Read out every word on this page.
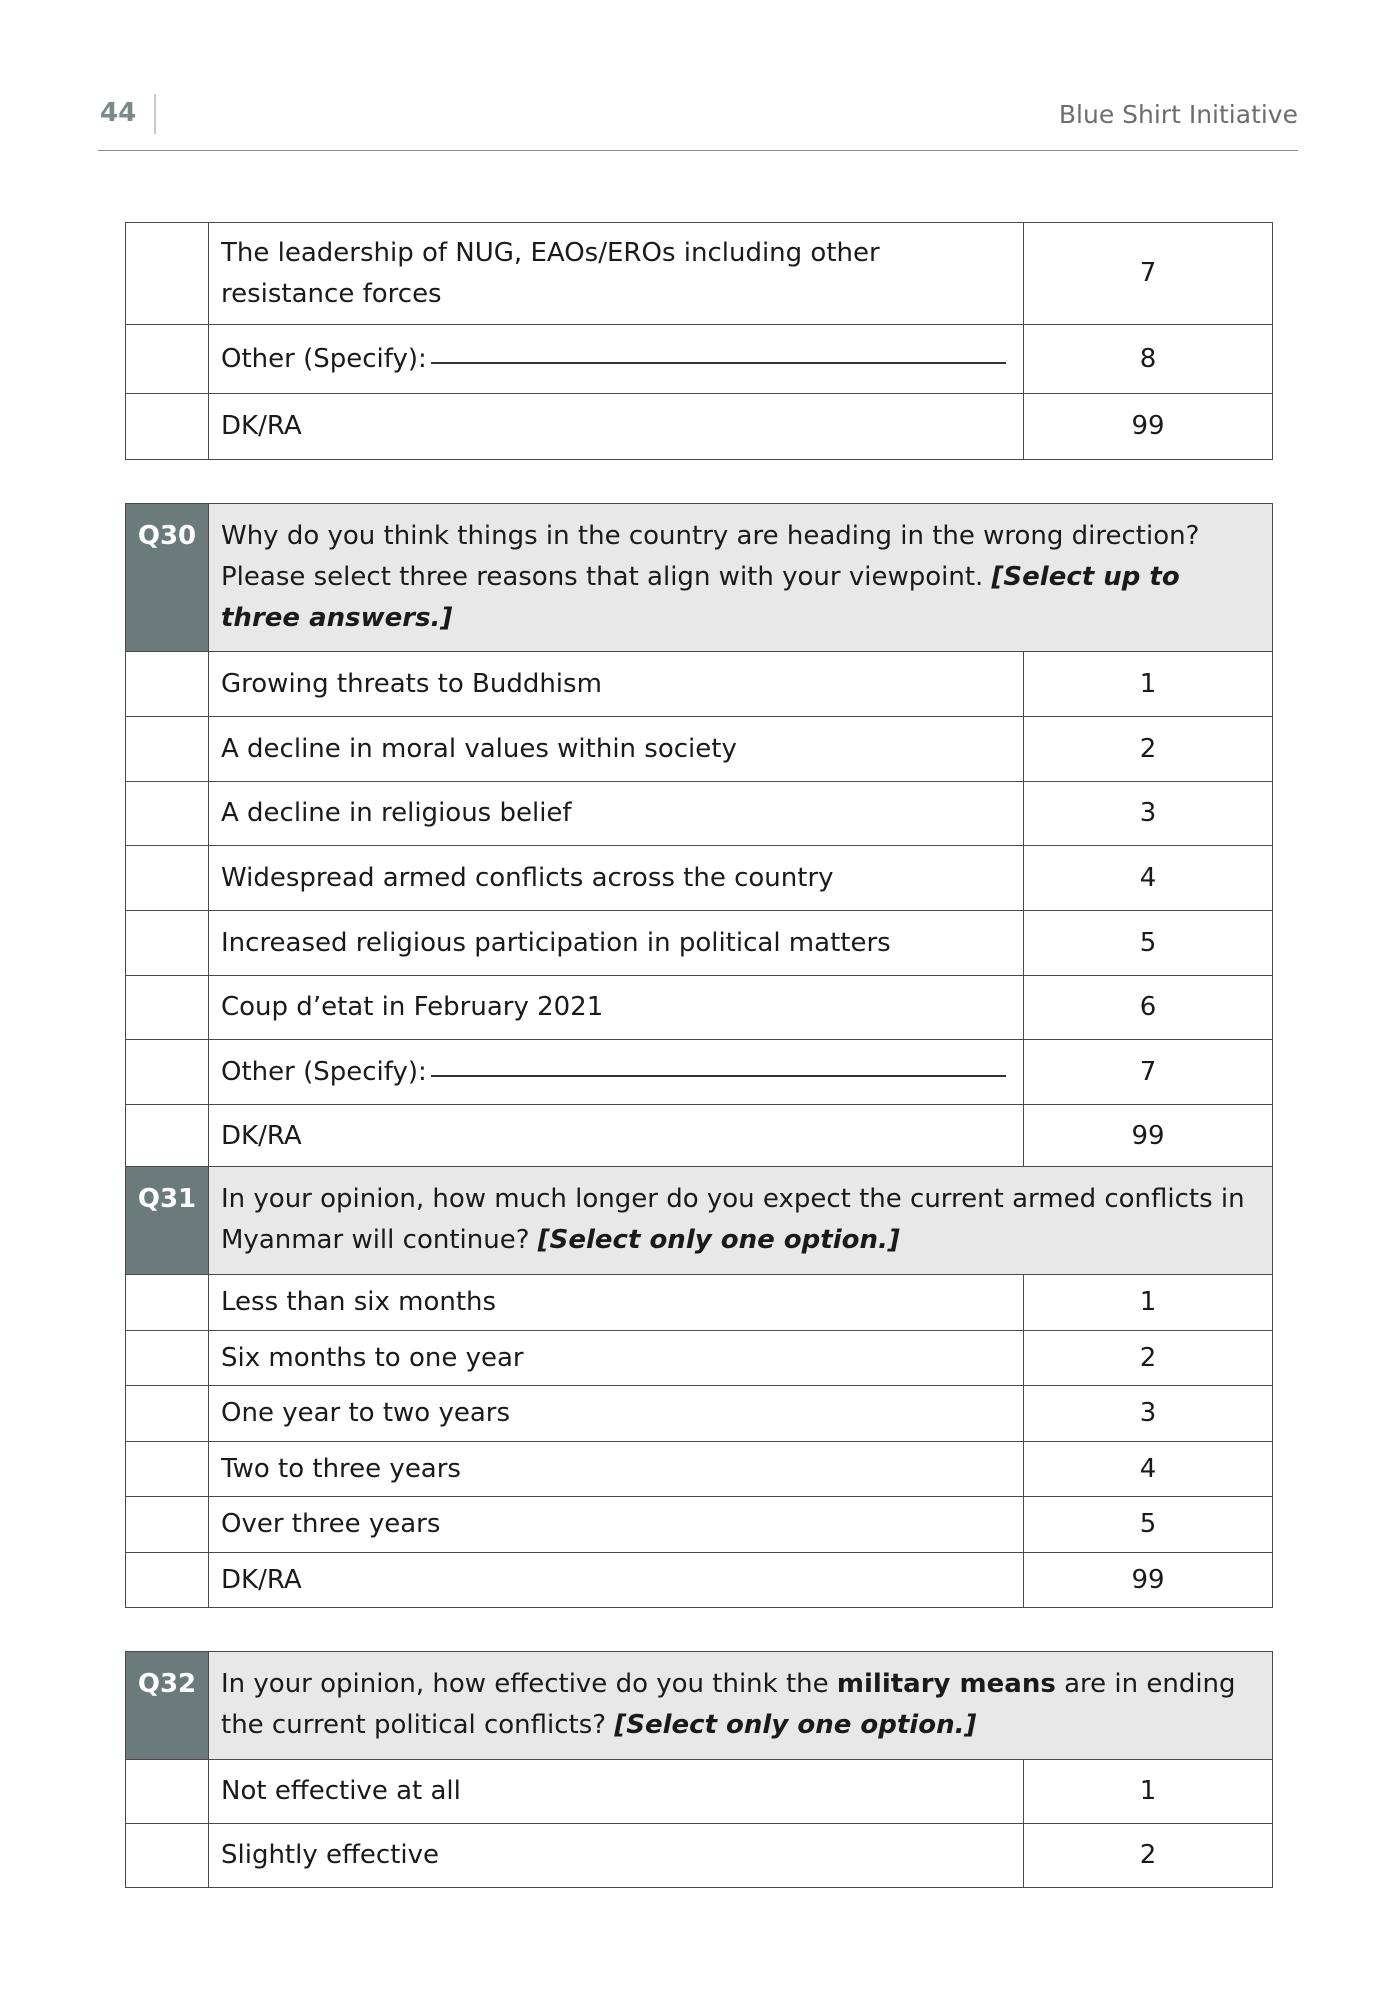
44	Blue Shirt Initiative
	The leadership of NUG, EAOs/EROs including other resistance forces	7
	Other (Specify):	8
	DK/RA	99
Q30	Why do you think things in the country are heading in the wrong direction? Please select three reasons that align with your viewpoint. [Select up to three answers.]	
	Growing threats to Buddhism	1
	A decline in moral values within society	2
	A decline in religious belief	3
	Widespread armed conflicts across the country	4
	Increased religious participation in political matters	5
	Coup d’etat in February 2021	6
	Other (Specify):	7
	DK/RA	99
Q31	In your opinion, how much longer do you expect the current armed conflicts in Myanmar will continue? [Select only one option.]	
	Less than six months	1
	Six months to one year	2
	One year to two years	3
	Two to three years	4
	Over three years	5
	DK/RA	99
Q32	In your opinion, how effective do you think the military means are in ending the current political conflicts? [Select only one option.]	
	Not effective at all	1
	Slightly effective	2
